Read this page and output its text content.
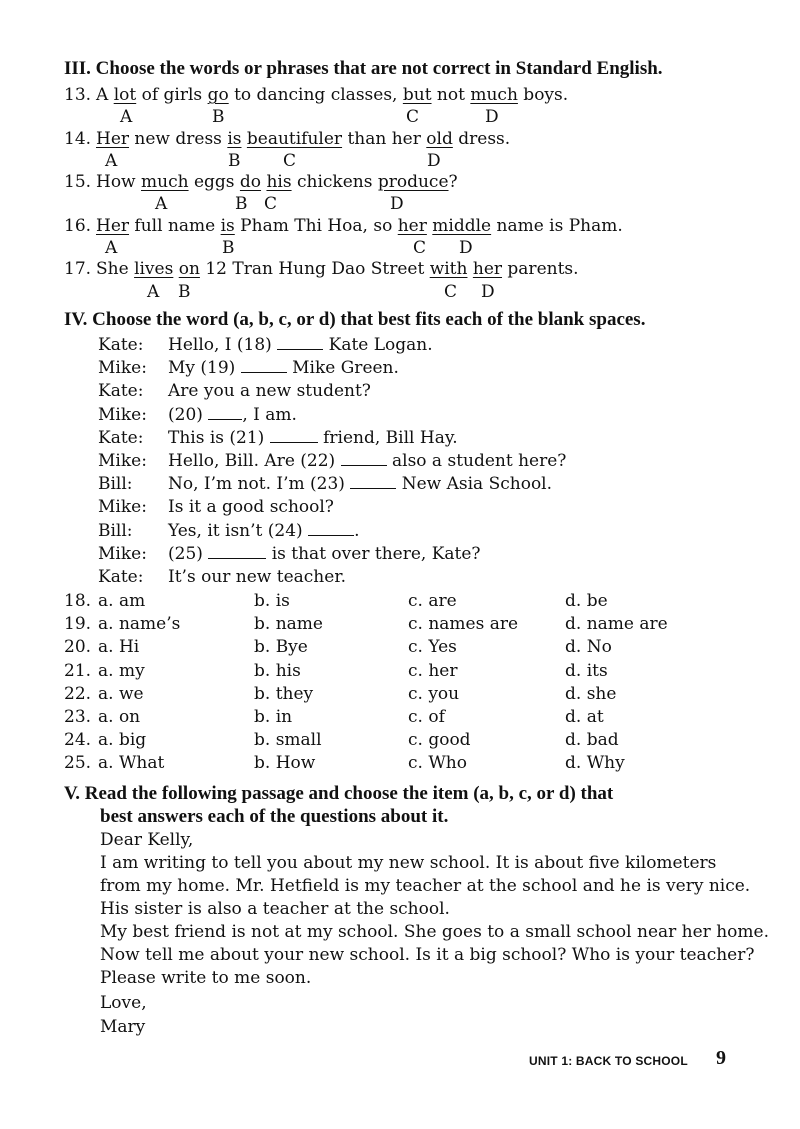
III. Choose the words or phrases that are not correct in Standard English.
13. A lot of girls go to dancing classes, but not much boys.
A	B	C	D
14. Her new dress is beautifuler than her old dress.
A	B	C	D
15. How much eggs do his chickens produce?
A	B C	D
16. Her full name is Pham Thi Hoa, so her middle name is Pham.
A	B	C D
17. She lives on 12 Tran Hung Dao Street with her parents.
A B	C D
IV. Choose the word (a, b, c, or d) that best fits each of the blank spaces.
Kate: Hello, I (18)	Kate Logan.
Mike: My (19)	Mike Green.
Kate: Are you a new student?
Mike: (20) , I am.
Kate: This is (21)	friend, Bill Hay.
Mike: Hello, Bill. Are (22)	also a student here?
Bill: No, I’m not. I’m (23)	New Asia School.
Mike: Is it a good school?
Bill: Yes, it isn’t (24)	.
Mike: (25)	is that over there, Kate?
Kate: It’s our new teacher.
18. a. am	b. is	c. are	d. be
19. a. name’s	b. name	c. names are	d. name are
20. a. Hi	b. Bye	c. Yes	d. No
21. a. my	b. his	c. her	d. its
22. a. we	b. they	c. you	d. she
23. a. on	b. in	c. of	d. at
24. a. big	b. small	c. good	d. bad
25. a. What	b. How	c. Who	d. Why
V. Read the following passage and choose the item (a, b, c, or d) that
best answers each of the questions about it.
Dear Kelly,
I am writing to tell you about my new school. It is about five kilometers
from my home. Mr. Hetfield is my teacher at the school and he is very nice.
His sister is also a teacher at the school.
My best friend is not at my school. She goes to a small school near her home.
Now tell me about your new school. Is it a big school? Who is your teacher?
Please write to me soon.
Love,
Mary
UNIT 1: BACK TO SCHOOL 9
